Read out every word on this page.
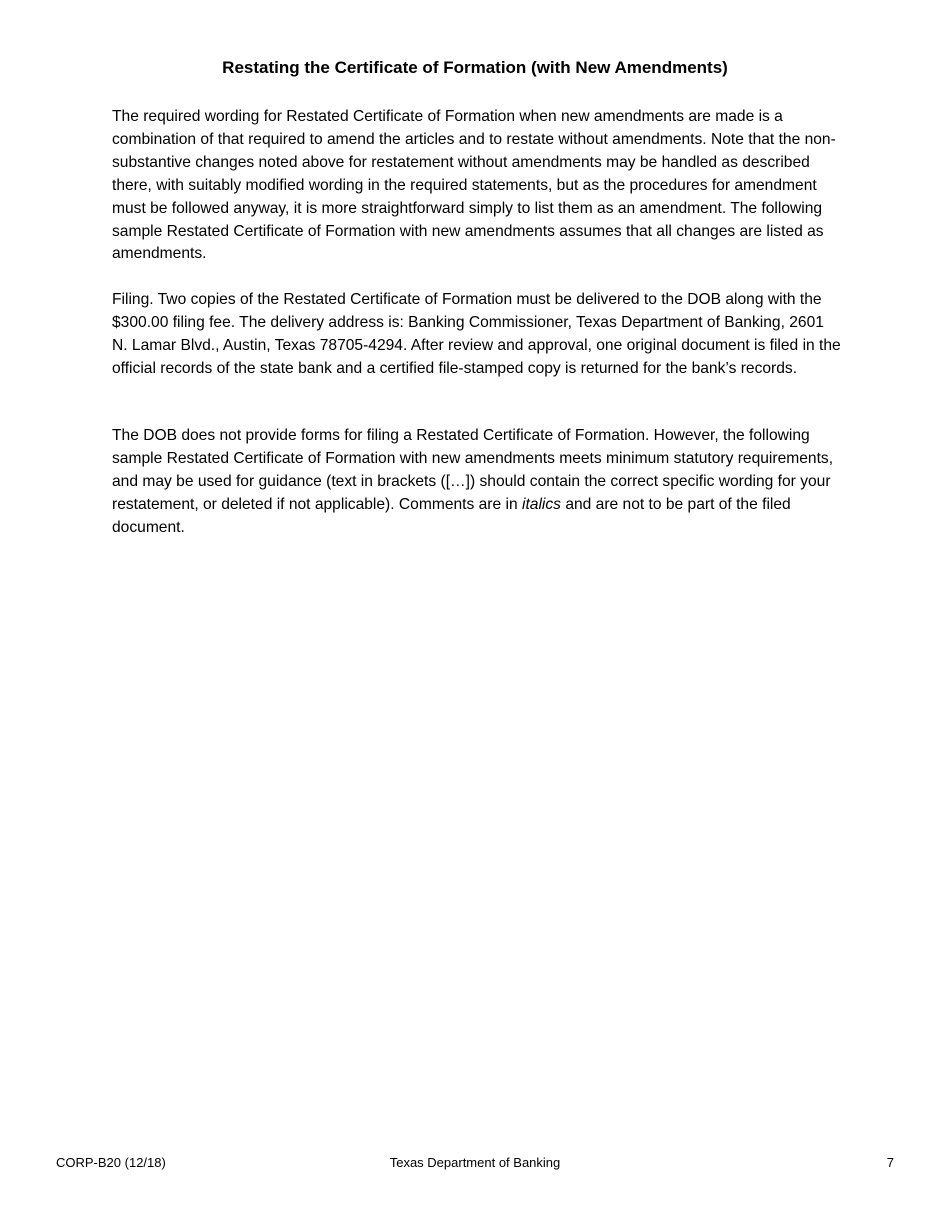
Restating the Certificate of Formation (with New Amendments)

The required wording for Restated Certificate of Formation when new amendments are made is a combination of that required to amend the articles and to restate without amendments. Note that the non-substantive changes noted above for restatement without amendments may be handled as described there, with suitably modified wording in the required statements, but as the procedures for amendment must be followed anyway, it is more straightforward simply to list them as an amendment. The following sample Restated Certificate of Formation with new amendments assumes that all changes are listed as amendments.

Filing. Two copies of the Restated Certificate of Formation must be delivered to the DOB along with the $300.00 filing fee. The delivery address is: Banking Commissioner, Texas Department of Banking, 2601 N. Lamar Blvd., Austin, Texas 78705-4294. After review and approval, one original document is filed in the official records of the state bank and a certified file-stamped copy is returned for the bank’s records.

The DOB does not provide forms for filing a Restated Certificate of Formation. However, the following sample Restated Certificate of Formation with new amendments meets minimum statutory requirements, and may be used for guidance (text in brackets ([…]) should contain the correct specific wording for your restatement, or deleted if not applicable). Comments are in italics and are not to be part of the filed document.

CORP-B20 (12/18)	Texas Department of Banking	7
